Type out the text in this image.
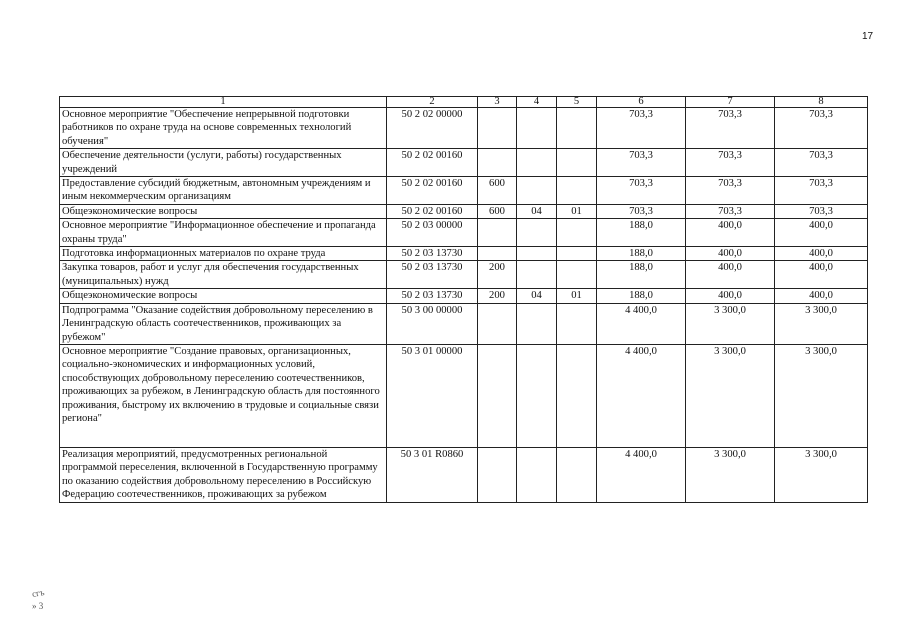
17
1	2	3	4	5	6	7	8
Основное мероприятие "Обеспечение непрерывной подготовки работников по охране труда на основе современных технологий обучения"	50 2 02 00000				703,3	703,3	703,3
Обеспечение деятельности (услуги, работы) государственных учреждений	50 2 02 00160				703,3	703,3	703,3
Предоставление субсидий бюджетным, автономным учреждениям и иным некоммерческим организациям	50 2 02 00160	600			703,3	703,3	703,3
Общеэкономические вопросы	50 2 02 00160	600	04	01	703,3	703,3	703,3
Основное мероприятие "Информационное обеспечение и пропаганда охраны труда"	50 2 03 00000				188,0	400,0	400,0
Подготовка информационных материалов по охране труда	50 2 03 13730				188,0	400,0	400,0
Закупка товаров, работ и услуг для обеспечения государственных (муниципальных) нужд	50 2 03 13730	200			188,0	400,0	400,0
Общеэкономические вопросы	50 2 03 13730	200	04	01	188,0	400,0	400,0
Подпрограмма "Оказание содействия добровольному переселению в Ленинградскую область соотечественников, проживающих за рубежом"	50 3 00 00000				4 400,0	3 300,0	3 300,0
Основное мероприятие "Создание правовых, организационных, социально-экономических и информационных условий, способствующих добровольному переселению соотечественников, проживающих за рубежом, в Ленинградскую область для постоянного проживания, быстрому их включению в трудовые и социальные связи региона"	50 3 01 00000				4 400,0	3 300,0	3 300,0
Реализация мероприятий, предусмотренных региональной программой переселения, включенной в Государственную программу по оказанию содействия добровольному переселению в Российскую Федерацию соотечественников, проживающих за рубежом	50 3 01 R0860				4 400,0	3 300,0	3 300,0
сгъ
» 3
